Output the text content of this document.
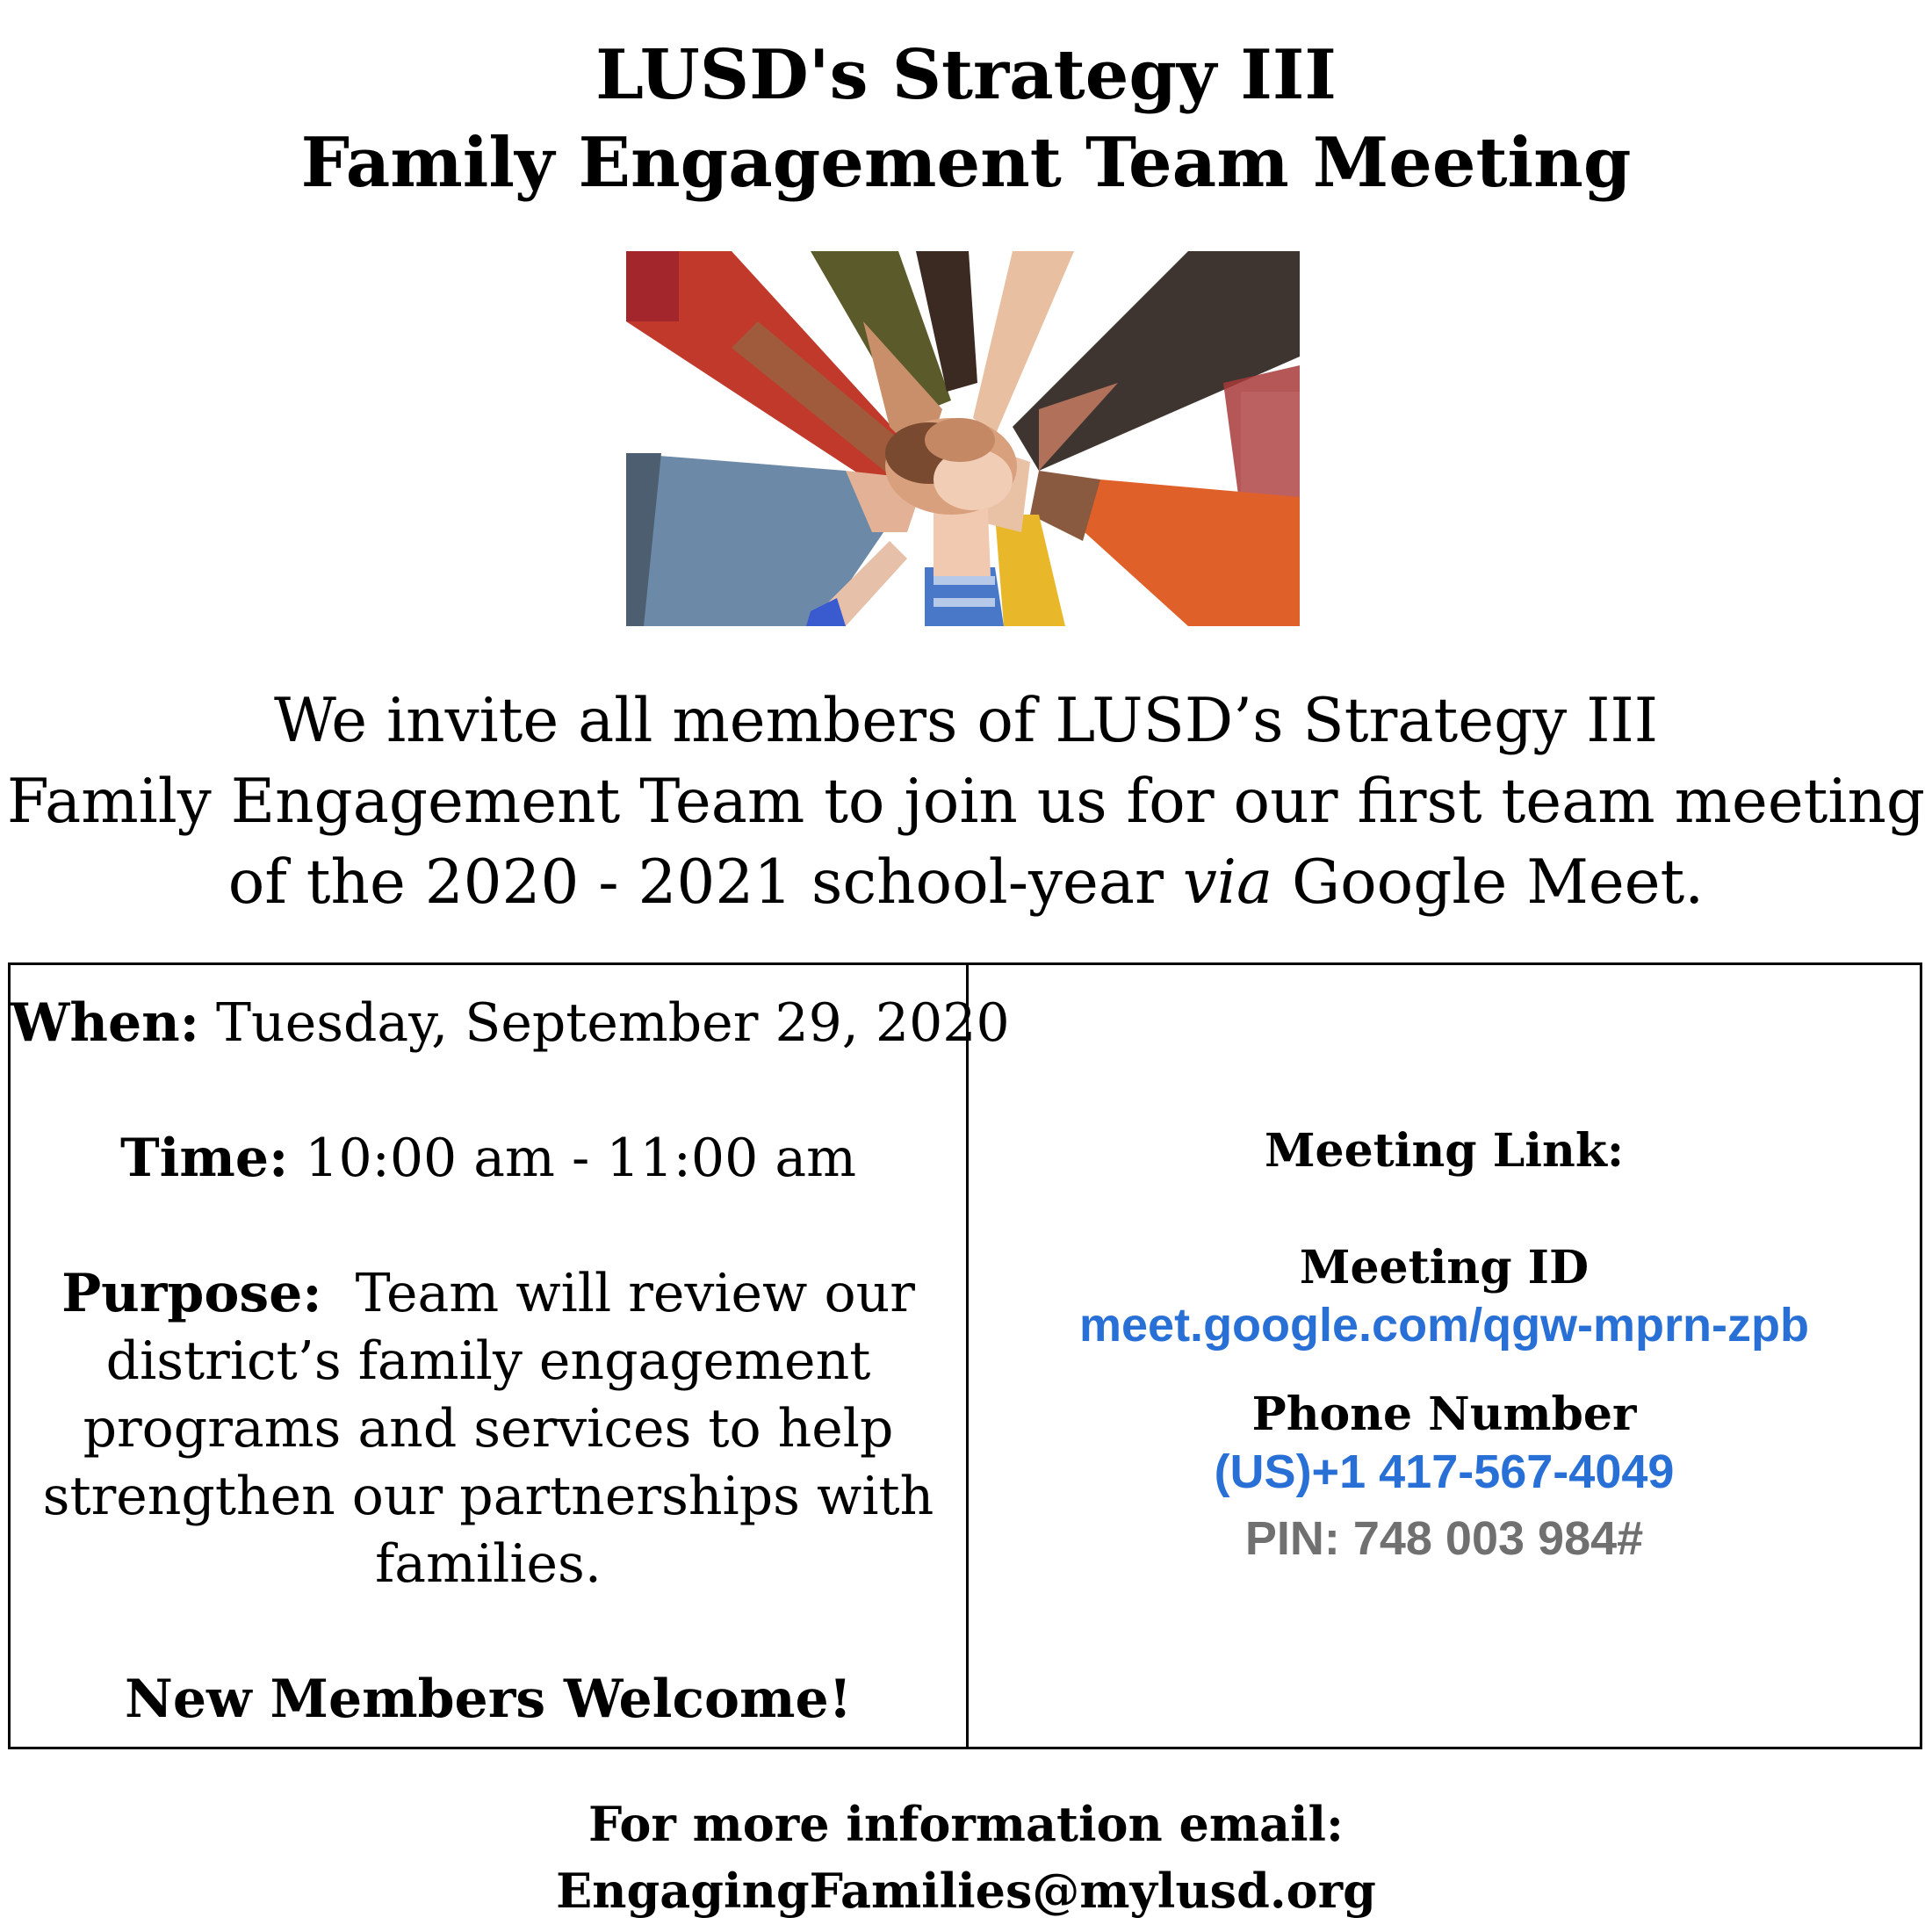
LUSD's Strategy III
Family Engagement Team Meeting
We invite all members of LUSD’s Strategy III
Family Engagement Team to join us for our first team meeting
of the 2020 - 2021 school-year via Google Meet.
When: Tuesday, September 29, 2020
Time: 10:00 am - 11:00 am
Purpose:  Team will review our
district’s family engagement
programs and services to help
strengthen our partnerships with
families.
New Members Welcome!
Meeting Link:
Meeting ID
meet.google.com/qgw-mprn-zpb
Phone Number
(US)+1 417-567-4049
PIN: 748 003 984#
For more information email:
EngagingFamilies@mylusd.org
